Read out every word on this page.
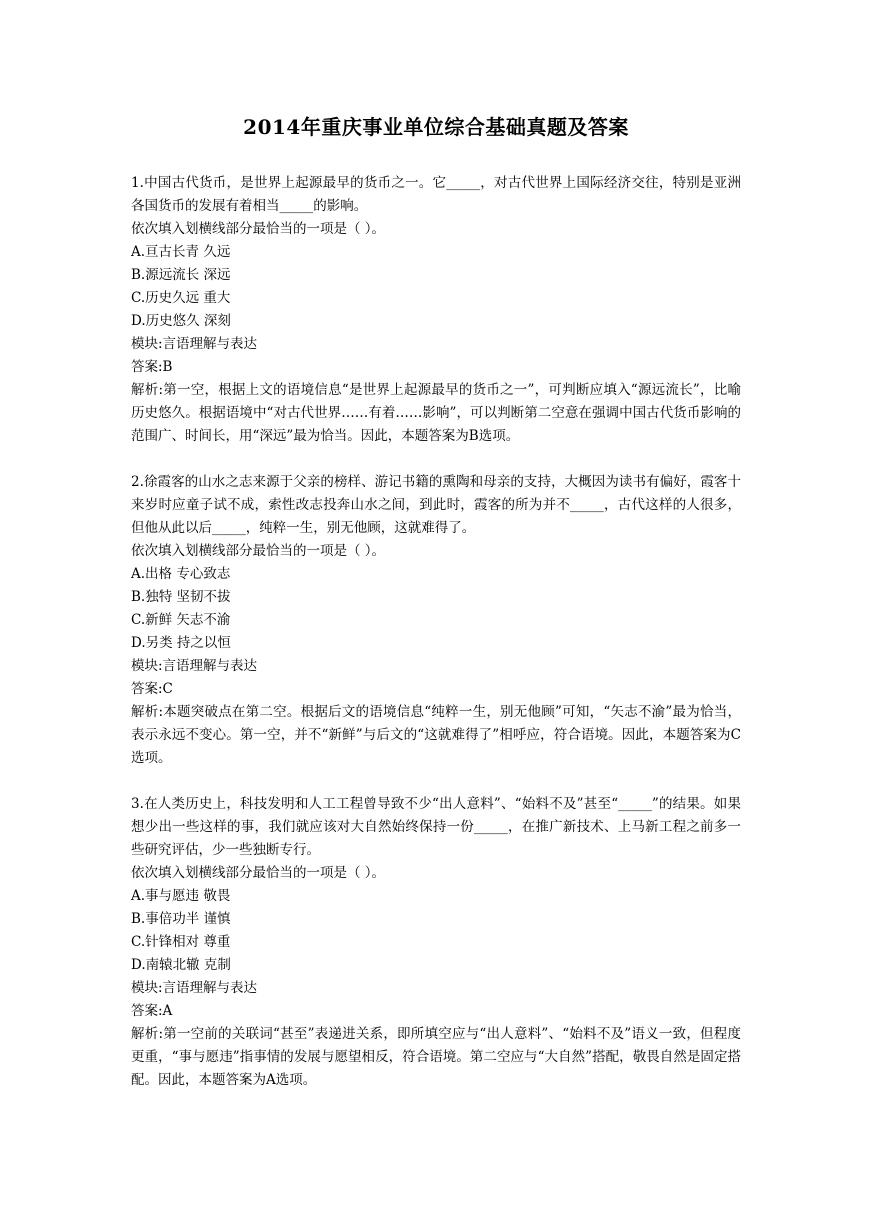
2014年重庆事业单位综合基础真题及答案
1.中国古代货币，是世界上起源最早的货币之一。它_____，对古代世界上国际经济交往，特别是亚洲各国货币的发展有着相当_____的影响。
依次填入划横线部分最恰当的一项是（ ）。
A.亘古长青 久远
B.源远流长 深远
C.历史久远 重大
D.历史悠久 深刻
模块:言语理解与表达
答案:B
解析:第一空，根据上文的语境信息“是世界上起源最早的货币之一”，可判断应填入“源远流长”，比喻历史悠久。根据语境中“对古代世界……有着……影响”，可以判断第二空意在强调中国古代货币影响的范围广、时间长，用“深远”最为恰当。因此，本题答案为B选项。
2.徐霞客的山水之志来源于父亲的榜样、游记书籍的熏陶和母亲的支持，大概因为读书有偏好，霞客十来岁时应童子试不成，索性改志投奔山水之间，到此时，霞客的所为并不_____，古代这样的人很多，但他从此以后_____，纯粹一生，别无他顾，这就难得了。
依次填入划横线部分最恰当的一项是（ ）。
A.出格 专心致志
B.独特 坚韧不拔
C.新鲜 矢志不渝
D.另类 持之以恒
模块:言语理解与表达
答案:C
解析:本题突破点在第二空。根据后文的语境信息“纯粹一生，别无他顾”可知，“矢志不渝”最为恰当，表示永远不变心。第一空，并不“新鲜”与后文的“这就难得了”相呼应，符合语境。因此，本题答案为C选项。
3.在人类历史上，科技发明和人工工程曾导致不少“出人意料”、“始料不及”甚至“_____”的结果。如果想少出一些这样的事，我们就应该对大自然始终保持一份_____，在推广新技术、上马新工程之前多一些研究评估，少一些独断专行。
依次填入划横线部分最恰当的一项是（ ）。
A.事与愿违 敬畏
B.事倍功半 谨慎
C.针锋相对 尊重
D.南辕北辙 克制
模块:言语理解与表达
答案:A
解析:第一空前的关联词“甚至”表递进关系，即所填空应与“出人意料”、“始料不及”语义一致，但程度更重，“事与愿违”指事情的发展与愿望相反，符合语境。第二空应与“大自然”搭配，敬畏自然是固定搭配。因此，本题答案为A选项。
